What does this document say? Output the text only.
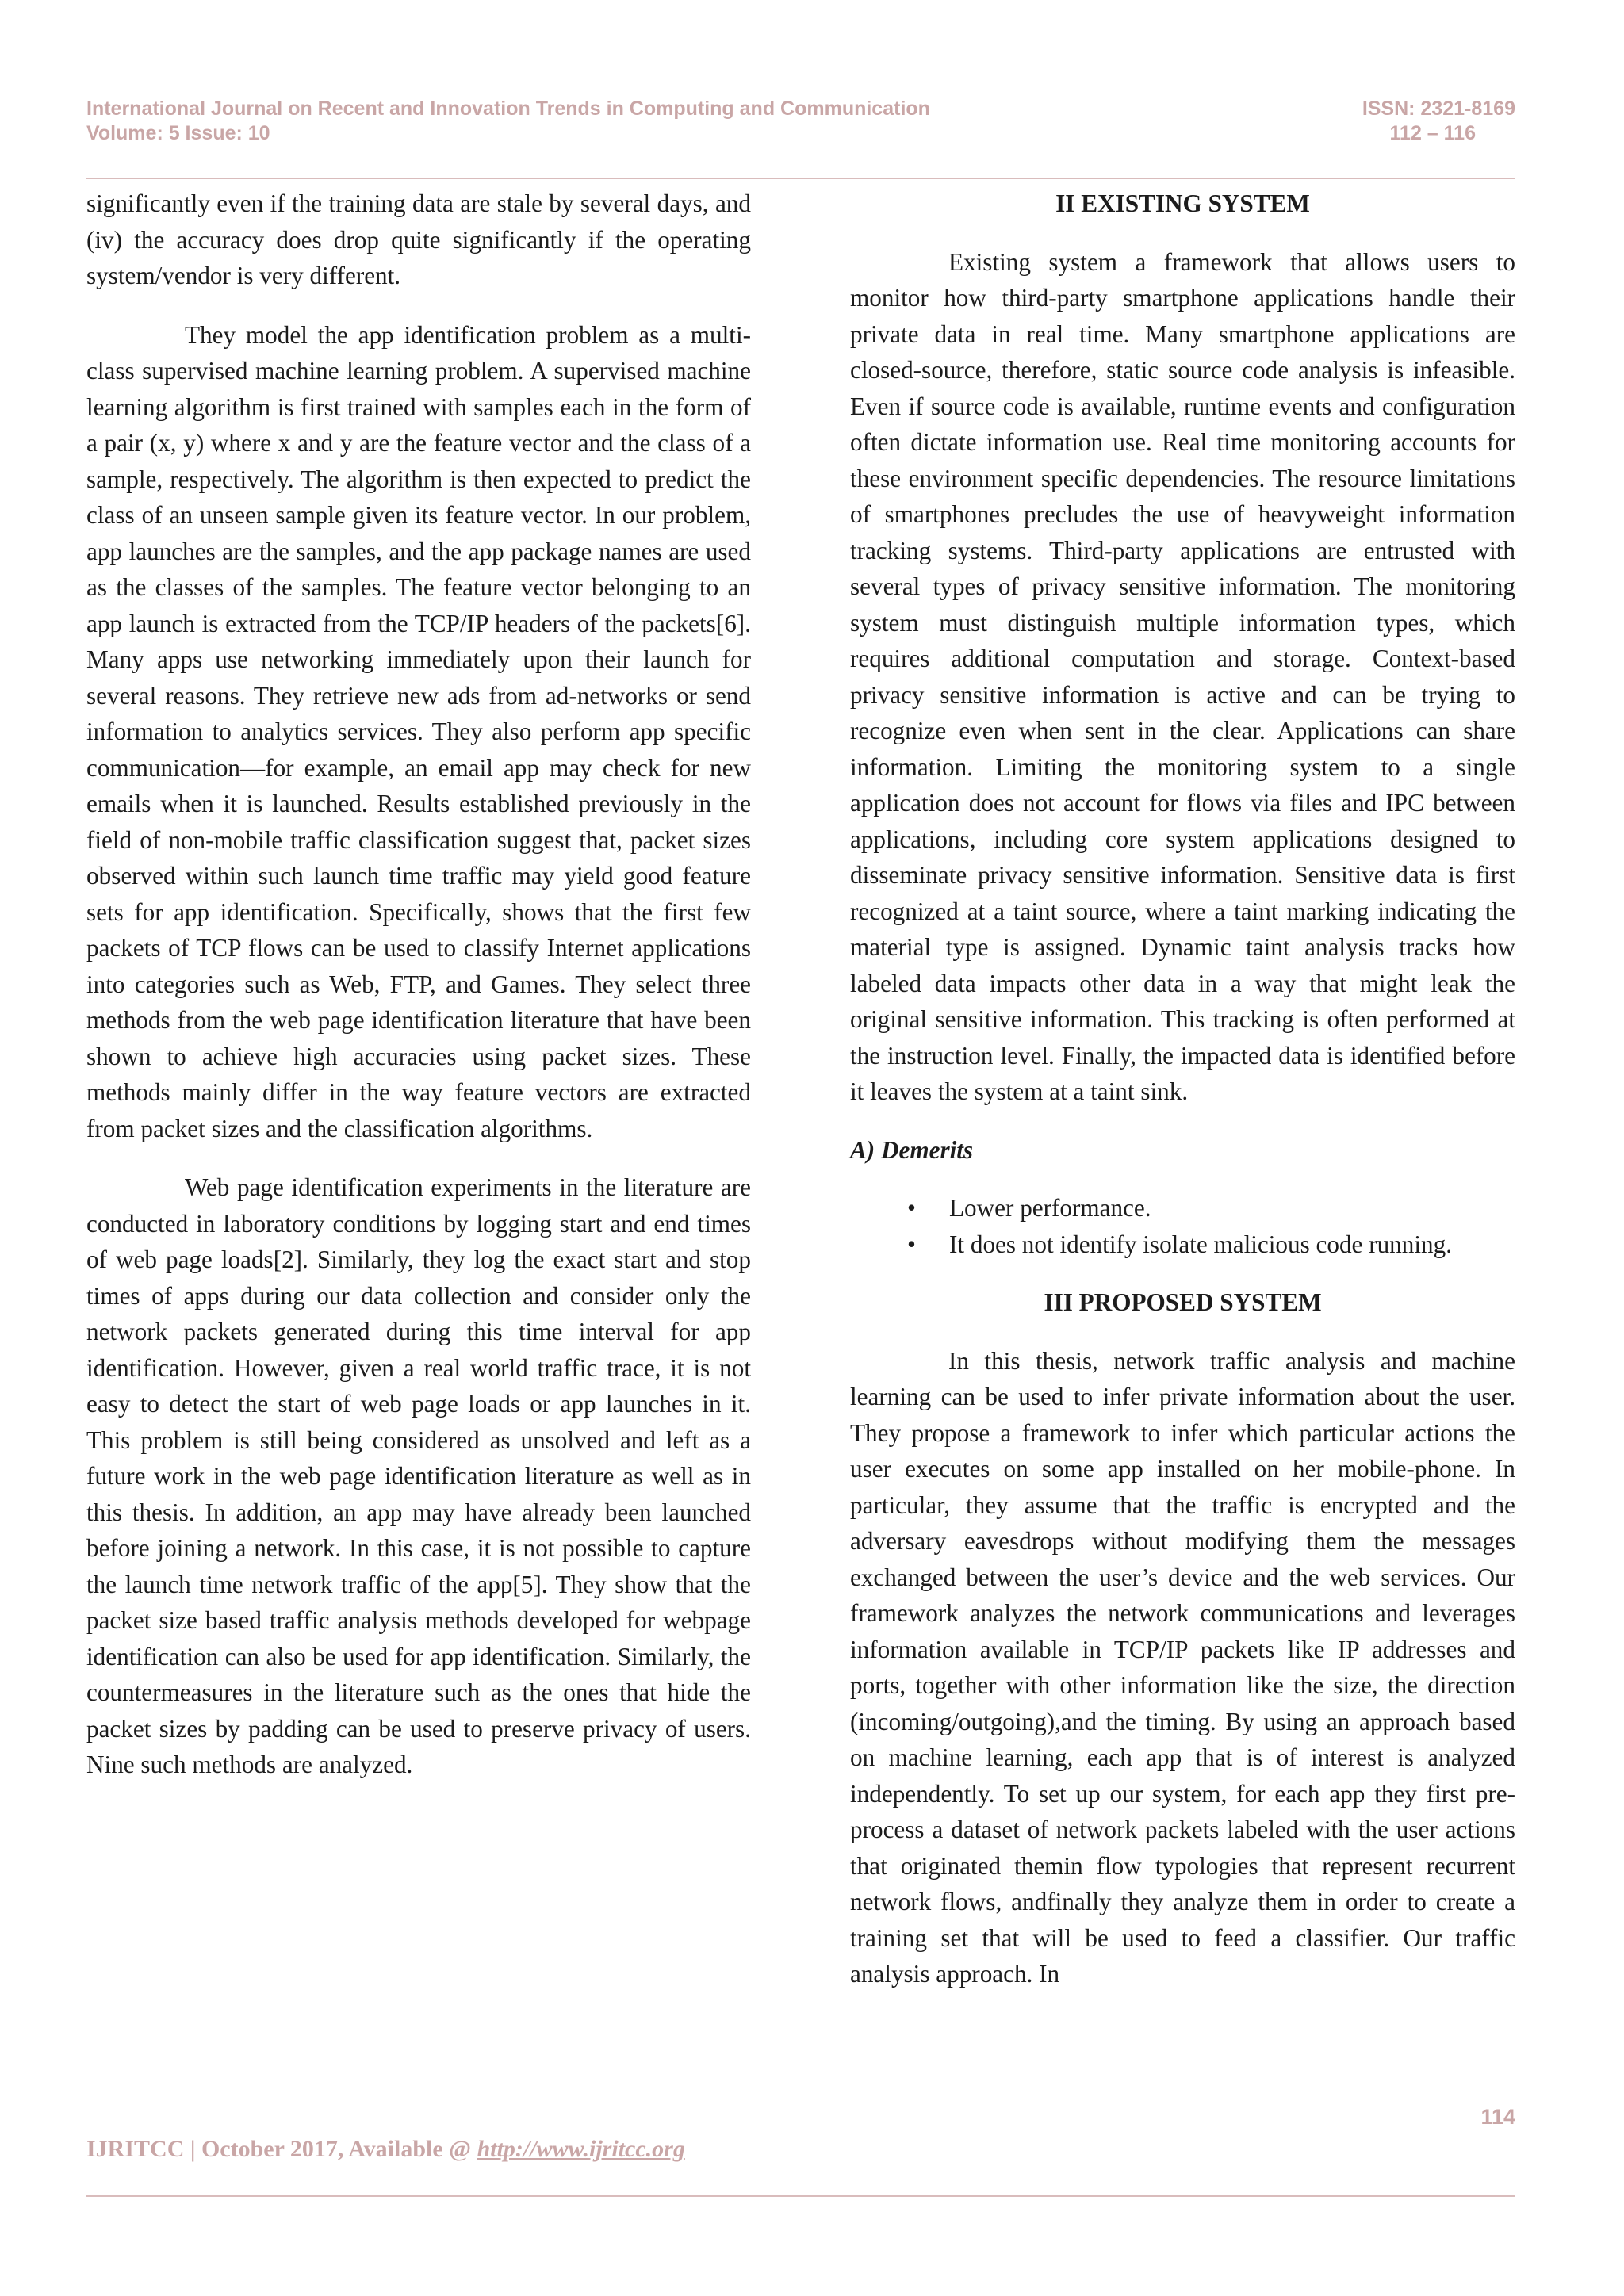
International Journal on Recent and Innovation Trends in Computing and Communication
Volume: 5 Issue: 10
ISSN: 2321-8169
112 – 116

significantly even if the training data are stale by several days, and (iv) the accuracy does drop quite significantly if the operating system/vendor is very different.

They model the app identification problem as a multi-class supervised machine learning problem. A supervised machine learning algorithm is first trained with samples each in the form of a pair (x, y) where x and y are the feature vector and the class of a sample, respectively. The algorithm is then expected to predict the class of an unseen sample given its feature vector. In our problem, app launches are the samples, and the app package names are used as the classes of the samples. The feature vector belonging to an app launch is extracted from the TCP/IP headers of the packets[6]. Many apps use networking immediately upon their launch for several reasons. They retrieve new ads from ad-networks or send information to analytics services. They also perform app specific communication—for example, an email app may check for new emails when it is launched. Results established previously in the field of non-mobile traffic classification suggest that, packet sizes observed within such launch time traffic may yield good feature sets for app identification. Specifically, shows that the first few packets of TCP flows can be used to classify Internet applications into categories such as Web, FTP, and Games. They select three methods from the web page identification literature that have been shown to achieve high accuracies using packet sizes. These methods mainly differ in the way feature vectors are extracted from packet sizes and the classification algorithms.

Web page identification experiments in the literature are conducted in laboratory conditions by logging start and end times of web page loads[2]. Similarly, they log the exact start and stop times of apps during our data collection and consider only the network packets generated during this time interval for app identification. However, given a real world traffic trace, it is not easy to detect the start of web page loads or app launches in it. This problem is still being considered as unsolved and left as a future work in the web page identification literature as well as in this thesis. In addition, an app may have already been launched before joining a network. In this case, it is not possible to capture the launch time network traffic of the app[5]. They show that the packet size based traffic analysis methods developed for webpage identification can also be used for app identification. Similarly, the countermeasures in the literature such as the ones that hide the packet sizes by padding can be used to preserve privacy of users. Nine such methods are analyzed.

II EXISTING SYSTEM

Existing system a framework that allows users to monitor how third-party smartphone applications handle their private data in real time. Many smartphone applications are closed-source, therefore, static source code analysis is infeasible. Even if source code is available, runtime events and configuration often dictate information use. Real time monitoring accounts for these environment specific dependencies. The resource limitations of smartphones precludes the use of heavyweight information tracking systems. Third-party applications are entrusted with several types of privacy sensitive information. The monitoring system must distinguish multiple information types, which requires additional computation and storage. Context-based privacy sensitive information is active and can be trying to recognize even when sent in the clear. Applications can share information. Limiting the monitoring system to a single application does not account for flows via files and IPC between applications, including core system applications designed to disseminate privacy sensitive information. Sensitive data is first recognized at a taint source, where a taint marking indicating the material type is assigned. Dynamic taint analysis tracks how labeled data impacts other data in a way that might leak the original sensitive information. This tracking is often performed at the instruction level. Finally, the impacted data is identified before it leaves the system at a taint sink.

A) Demerits
• Lower performance.
• It does not identify isolate malicious code running.
III PROPOSED SYSTEM

In this thesis, network traffic analysis and machine learning can be used to infer private information about the user. They propose a framework to infer which particular actions the user executes on some app installed on her mobile-phone. In particular, they assume that the traffic is encrypted and the adversary eavesdrops without modifying them the messages exchanged between the user’s device and the web services. Our framework analyzes the network communications and leverages information available in TCP/IP packets like IP addresses and ports, together with other information like the size, the direction (incoming/outgoing),and the timing. By using an approach based on machine learning, each app that is of interest is analyzed independently. To set up our system, for each app they first pre-process a dataset of network packets labeled with the user actions that originated themin flow typologies that represent recurrent network flows, andfinally they analyze them in order to create a training set that will be used to feed a classifier. Our traffic analysis approach. In

114
IJRITCC | October 2017, Available @ http://www.ijritcc.org
